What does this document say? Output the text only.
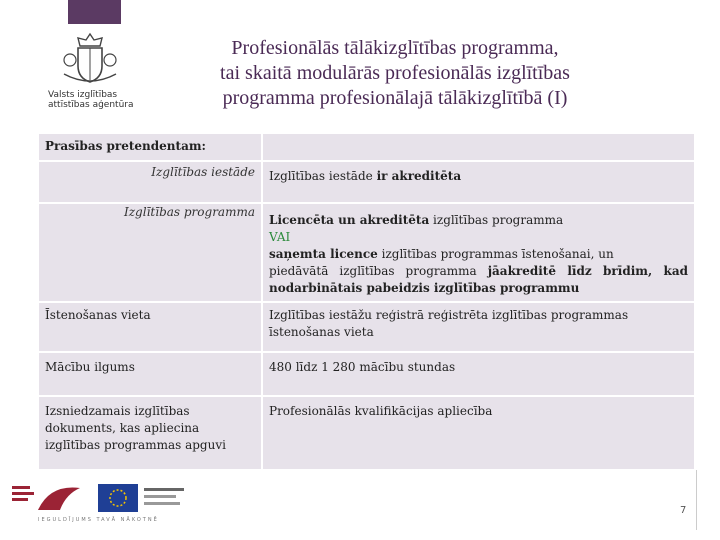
Valsts izglītības
attīstības aģentūra
Profesionālās tālākizglītības programma,
tai skaitā modulārās profesionālās izglītības
programma profesionālajā tālākizglītībā (I)
Prasības pretendentam:	
Izglītības iestāde	Izglītības iestāde ir akreditēta
Izglītības programma	Licencēta un akreditēta izglītības programma
VAI
saņemta licence izglītības programmas īstenošanai, un
piedāvātā izglītības programma jāakreditē līdz brīdim, kad nodarbinātais pabeidzis izglītības programmu

Īstenošanas vieta	Izglītības iestāžu reģistrā reģistrēta izglītības programmas īstenošanas vieta
Mācību ilgums	480 līdz 1 280 mācību stundas
Izsniedzamais izglītības dokuments, kas apliecina izglītības programmas apguvi	Profesionālās kvalifikācijas apliecība
IEGULDĪJUMS TAVĀ NĀKOTNĒ
7
